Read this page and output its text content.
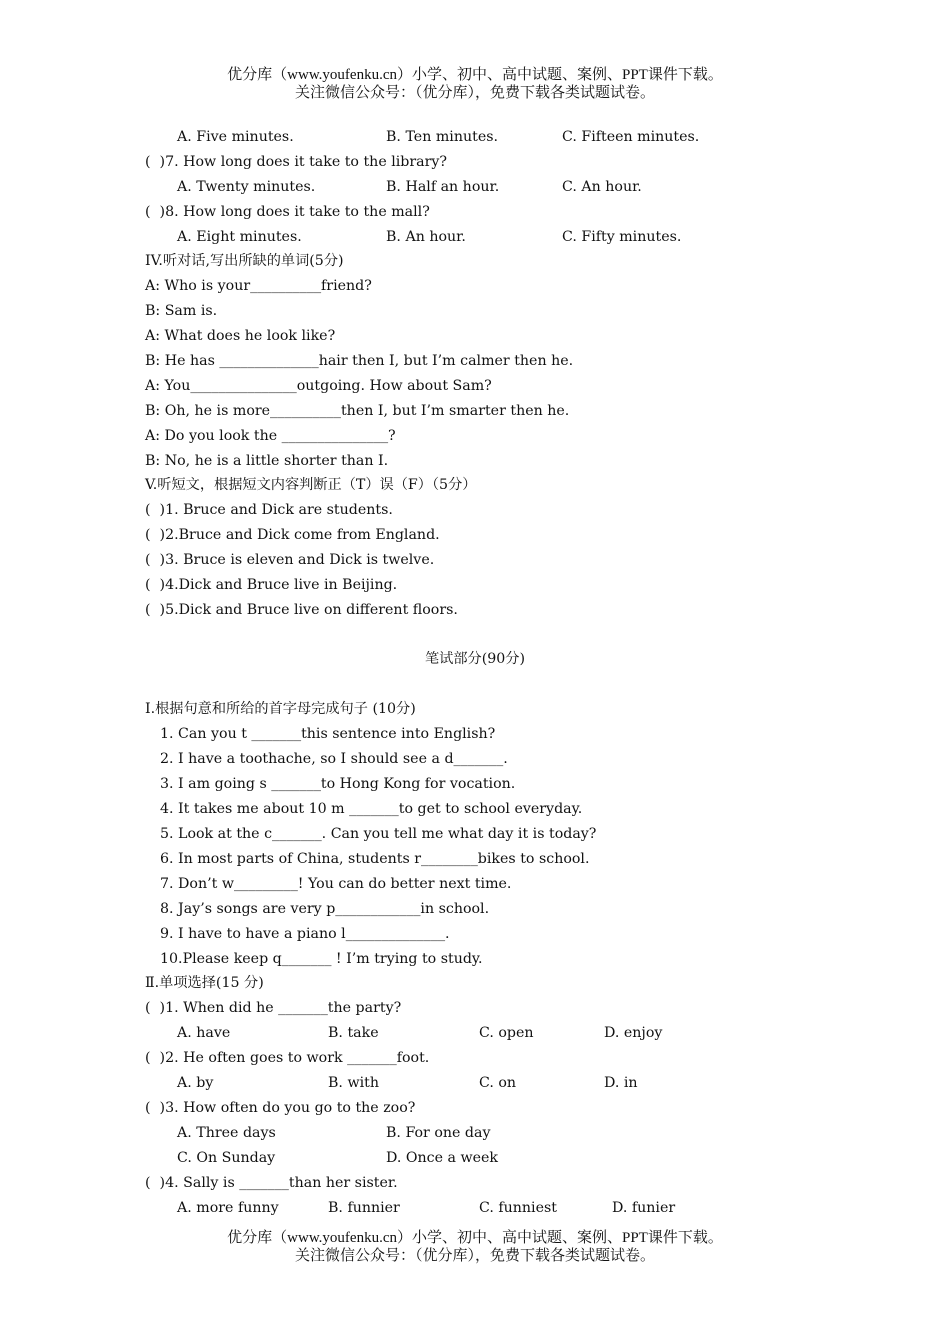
优分库（www.youfenku.cn）小学、初中、高中试题、案例、PPT课件下载。
关注微信公众号：（优分库），免费下载各类试题试卷。
A. Five minutes.	B. Ten minutes.	C. Fifteen minutes.
(  )7. How long does it take to the library?
A. Twenty minutes.	B. Half an hour.	C. An hour.
(  )8. How long does it take to the mall?
A. Eight minutes.	B. An hour.	C. Fifty minutes.
IV.听对话,写出所缺的单词(5分)
A: Who is your__________friend?
B: Sam is.
A: What does he look like?
B: He has ______________hair then I, but I’m calmer then he.
A: You_______________outgoing. How about Sam?
B: Oh, he is more__________then I, but I’m smarter then he.
A: Do you look the _______________?
B: No, he is a little shorter than I.
V.听短文，根据短文内容判断正（T）误（F）（5分）
(  )1. Bruce and Dick are students.
(  )2.Bruce and Dick come from England.
(  )3. Bruce is eleven and Dick is twelve.
(  )4.Dick and Bruce live in Beijing.
(  )5.Dick and Bruce live on different floors.
笔试部分(90分)
Ⅰ.根据句意和所给的首字母完成句子 (10分)
1. Can you t _______this sentence into English?
2. I have a toothache, so I should see a d_______.
3. I am going s _______to Hong Kong for vocation.
4. It takes me about 10 m _______to get to school everyday.
5. Look at the c_______. Can you tell me what day it is today?
6. In most parts of China, students r________bikes to school.
7. Don’t w_________! You can do better next time.
8. Jay’s songs are very p____________in school.
9. I have to have a piano l______________.
10.Please keep q_______ ! I’m trying to study.
Ⅱ.单项选择(15 分)
(  )1. When did he _______the party?
A. have	B. take	C. open	D. enjoy
(  )2. He often goes to work _______foot.
A. by	B. with	C. on	D. in
(  )3. How often do you go to the zoo?
A. Three days	B. For one day
C. On Sunday	D. Once a week
(  )4. Sally is _______than her sister.
A. more funny	B. funnier	C. funniest	D. funier
优分库（www.youfenku.cn）小学、初中、高中试题、案例、PPT课件下载。
关注微信公众号：（优分库），免费下载各类试题试卷。
